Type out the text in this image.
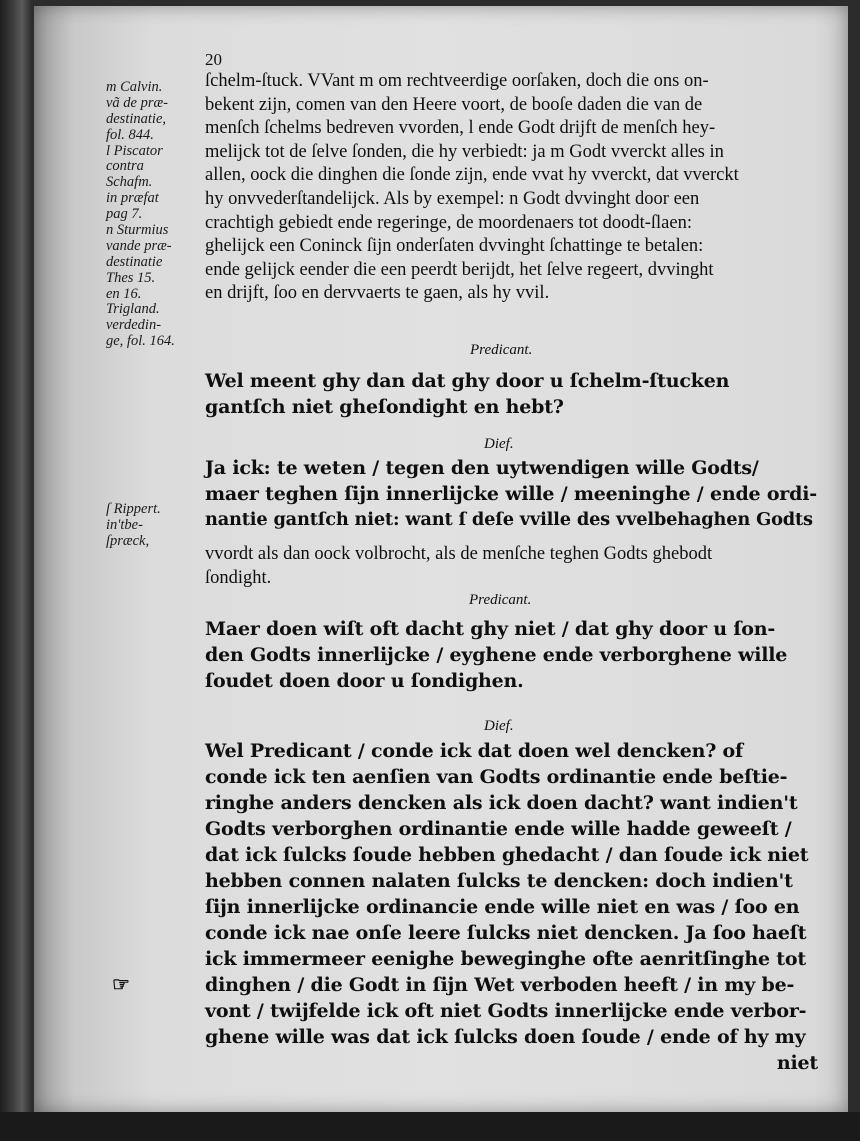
20
m Calvin.
vã de præ-
destinatie,
fol. 844.
l Piscator
contra
Schafm.
in præfat
pag 7.
n Sturmius
vande præ-
destinatie
Thes 15.
en 16.
Trigland.
verdedin-
ge, fol. 164.
ſ Rippert.
in'tbe-
ſpræck,
ſchelm-ſtuck. VVant m om rechtveerdige oorſaken, doch die ons on-
bekent zijn, comen van den Heere voort, de booſe daden die van de
menſch ſchelms bedreven vvorden, l ende Godt drijft de menſch hey-
melijck tot de ſelve ſonden, die hy verbiedt: ja m Godt vverckt alles in
allen, oock die dinghen die ſonde zijn, ende vvat hy vverckt, dat vverckt
hy onvvederſtandelijck. Als by exempel: n Godt dvvinght door een
crachtigh gebiedt ende regeringe, de moordenaers tot doodt-ſlaen:
ghelijck een Coninck ſijn onderſaten dvvinght ſchattinge te betalen:
ende gelijck eender die een peerdt berijdt, het ſelve regeert, dvvinght
en drijft, ſoo en dervvaerts te gaen, als hy vvil.
Predicant.
Wel meent ghy dan dat ghy door u ſchelm-ſtucken
gantſch niet gheſondight en hebt?
Dief.
Ja ick: te weten / tegen den uytwendigen wille Godts/
maer teghen ſijn innerlijcke wille / meeninghe / ende ordi-
nantie gantſch niet: want ſ deſe vville des vvelbehaghen Godts
vvordt als dan oock volbrocht, als de menſche teghen Godts ghebodt
ſondight.
Predicant.
Maer doen wiſt oft dacht ghy niet / dat ghy door u ſon-
den Godts innerlijcke / eyghene ende verborghene wille
ſoudet doen door u ſondighen.
Dief.
Wel Predicant / conde ick dat doen wel dencken? of
conde ick ten aenſien van Godts ordinantie ende beſtie-
ringhe anders dencken als ick doen dacht? want indien't
Godts verborghen ordinantie ende wille hadde geweeſt /
dat ick ſulcks ſoude hebben ghedacht / dan ſoude ick niet
hebben connen nalaten ſulcks te dencken: doch indien't
ſijn innerlijcke ordinancie ende wille niet en was / ſoo en
conde ick nae onſe leere ſulcks niet dencken. Ja ſoo haeſt
ick immermeer eenighe beweginghe ofte aenritſinghe tot
dinghen / die Godt in ſijn Wet verboden heeft / in my be-
vont / twijfelde ick oft niet Godts innerlijcke ende verbor-
ghene wille was dat ick ſulcks doen ſoude / ende of hy my
niet
☞
